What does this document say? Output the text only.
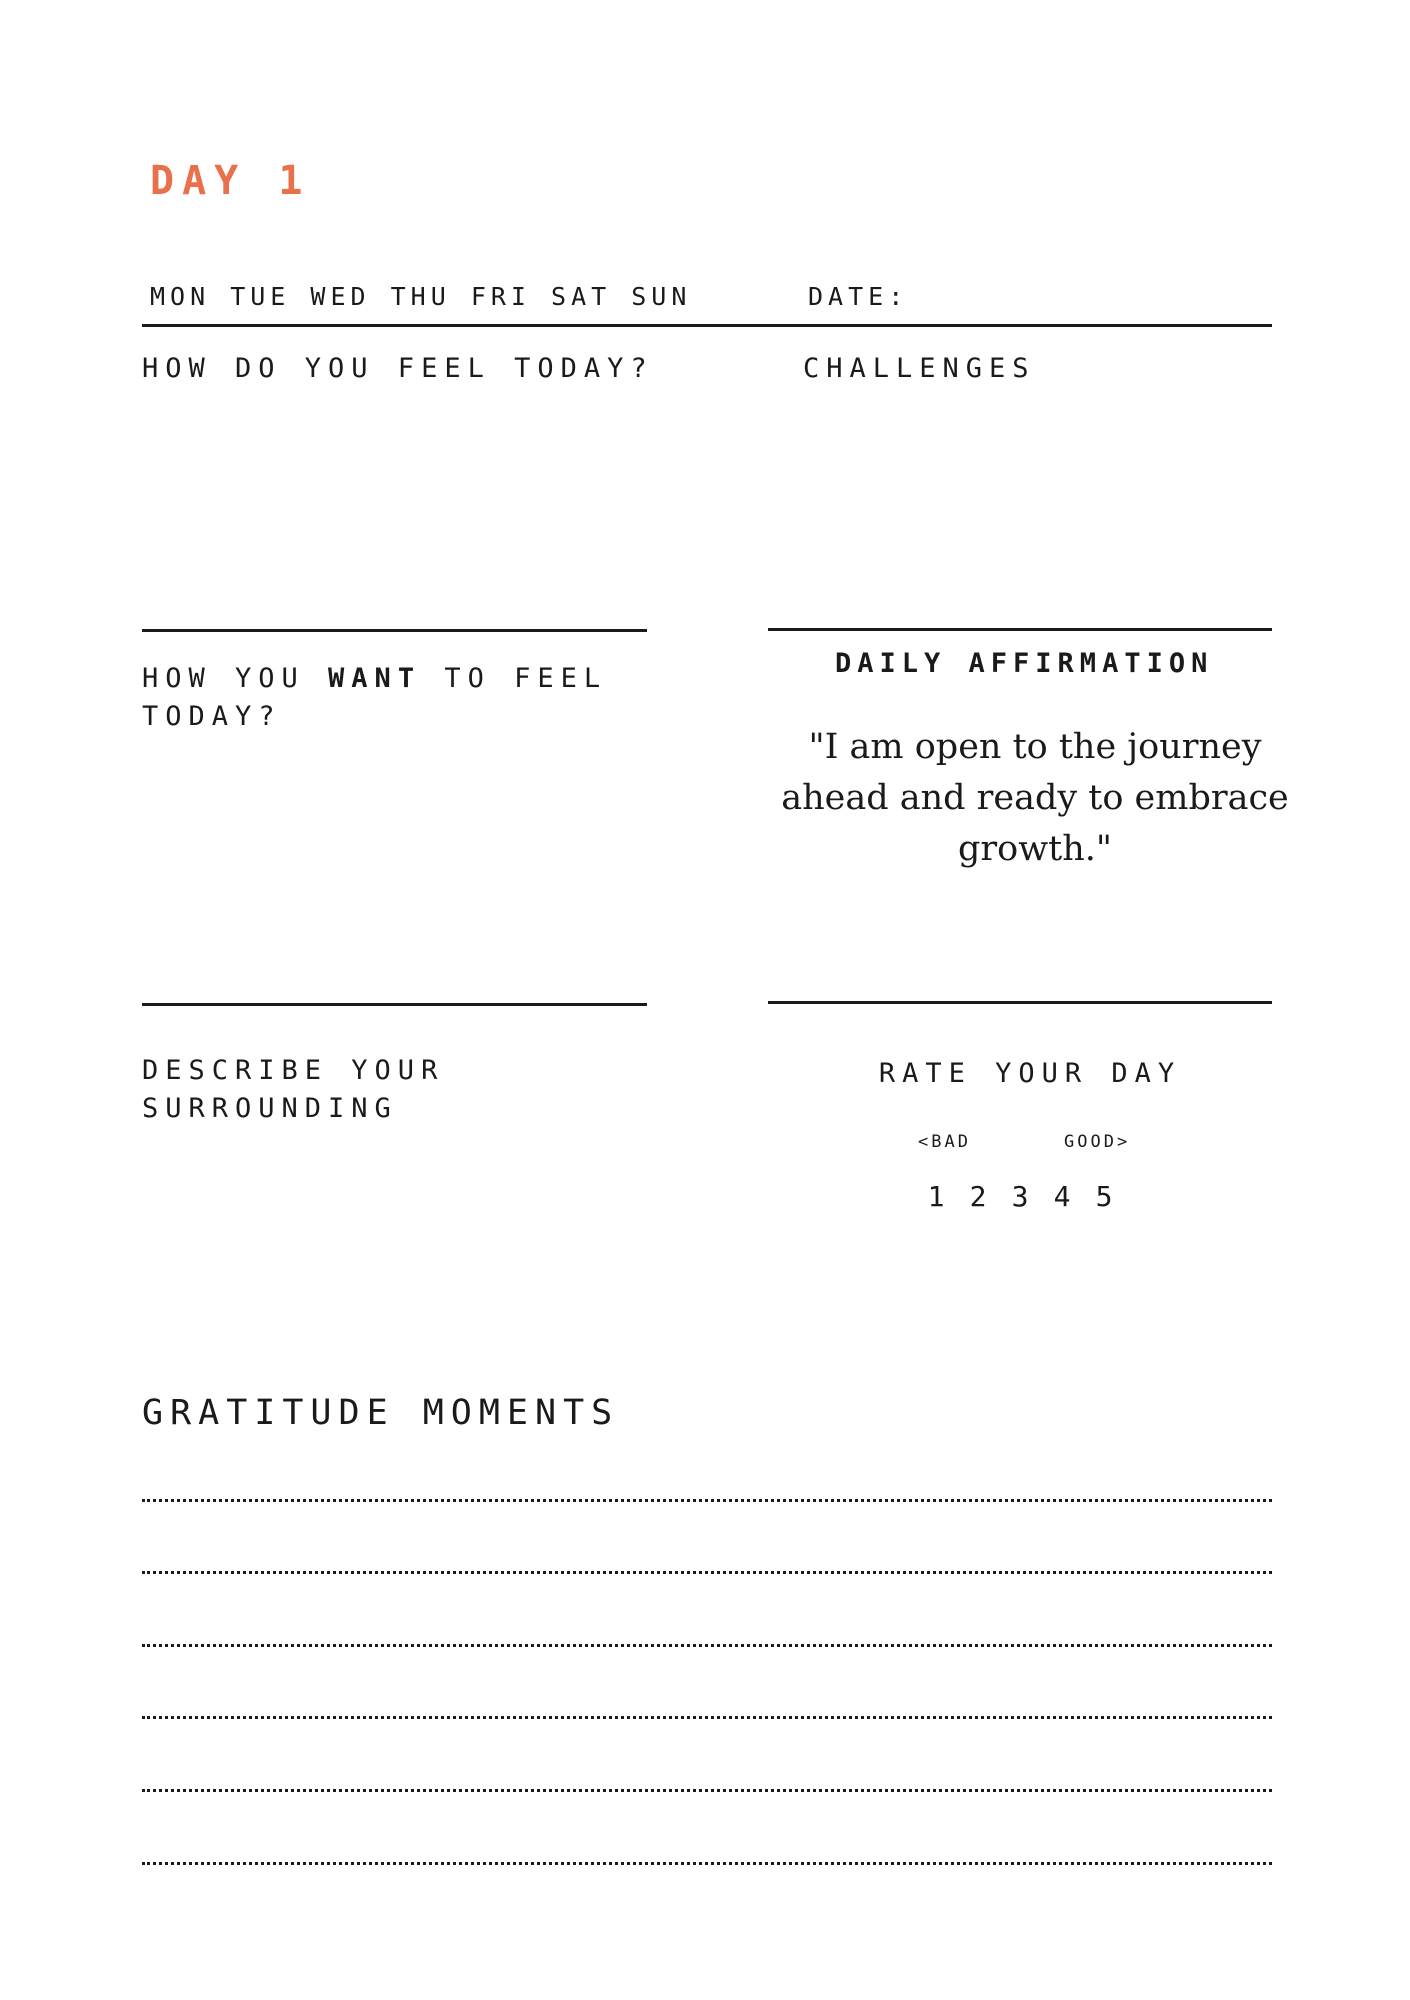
DAY 1
MON TUE WED THU FRI SAT SUN	DATE:
HOW DO YOU FEEL TODAY?	CHALLENGES
HOW YOU WANT TO FEEL
TODAY?
DAILY AFFIRMATION
"I am open to the journey ahead and ready to embrace growth."
DESCRIBE YOUR
SURROUNDING
RATE YOUR DAY
<BAD	GOOD>
1 2 3 4 5
GRATITUDE MOMENTS
